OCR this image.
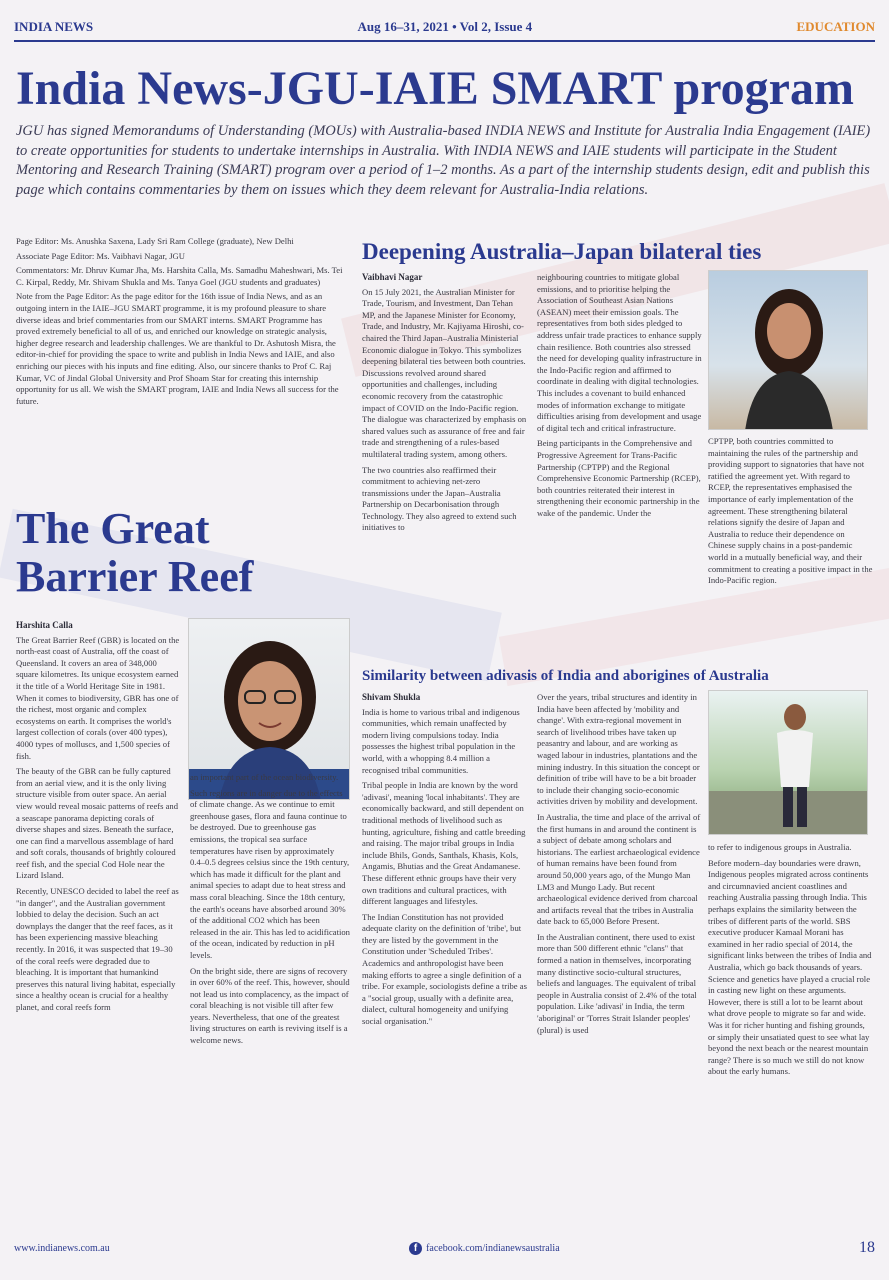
INDIA NEWS	Aug 16–31, 2021 • Vol 2, Issue 4	EDUCATION
India News-JGU-IAIE SMART program

JGU has signed Memorandums of Understanding (MOUs) with Australia-based INDIA NEWS and Institute for Australia India Engagement (IAIE) to create opportunities for students to undertake internships in Australia. With INDIA NEWS and IAIE students will participate in the Student Mentoring and Research Training (SMART) program over a period of 1–2 months. As a part of the internship students design, edit and publish this page which contains commentaries by them on issues which they deem relevant for Australia-India relations.

Page Editor: Ms. Anushka Saxena, Lady Sri Ram College (graduate), New Delhi

Associate Page Editor: Ms. Vaibhavi Nagar, JGU

Commentators: Mr. Dhruv Kumar Jha, Ms. Harshita Calla, Ms. Samadhu Maheshwari, Ms. Tei C. Kirpal, Reddy, Mr. Shivam Shukla and Ms. Tanya Goel (JGU students and graduates)

Note from the Page Editor: As the page editor for the 16th issue of India News, and as an outgoing intern in the IAIE–JGU SMART programme, it is my profound pleasure to share diverse ideas and brief commentaries from our SMART interns. SMART Programme has proved extremely beneficial to all of us, and enriched our knowledge on strategic analysis, higher degree research and leadership challenges. We are thankful to Dr. Ashutosh Misra, the editor-in-chief for providing the space to write and publish in India News and IAIE, and also enriching our pieces with his inputs and fine editing. Also, our sincere thanks to Prof C. Raj Kumar, VC of Jindal Global University and Prof Shoam Star for creating this internship opportunity for us all. We wish the SMART program, IAIE and India News all success for the future.

The Great Barrier Reef
Harshita Calla

The Great Barrier Reef (GBR) is located on the north-east coast of Australia, off the coast of Queensland. It covers an area of 348,000 square kilometres. Its unique ecosystem earned it the title of a World Heritage Site in 1981. When it comes to biodiversity, GBR has one of the richest, most organic and complex ecosystems on earth. It comprises the world's largest collection of corals (over 400 types), 4000 types of molluscs, and 1,500 species of fish.

The beauty of the GBR can be fully captured from an aerial view, and it is the only living structure visible from outer space. An aerial view would reveal mosaic patterns of reefs and a seascape panorama depicting corals of diverse shapes and sizes. Beneath the surface, one can find a marvellous assemblage of hard and soft corals, thousands of brightly coloured reef fish, and the special Cod Hole near the Lizard Island.

Recently, UNESCO decided to label the reef as "in danger", and the Australian government lobbied to delay the decision. Such an act downplays the danger that the reef faces, as it has been experiencing massive bleaching recently. In 2016, it was suspected that 19–30 of the coral reefs were degraded due to bleaching. It is important that humankind preserves this natural living habitat, especially since a healthy ocean is crucial for a healthy planet, and coral reefs form

an important part of the ocean biodiversity.

Such regions are in danger due to the effects of climate change. As we continue to emit greenhouse gases, flora and fauna continue to be destroyed. Due to greenhouse gas emissions, the tropical sea surface temperatures have risen by approximately 0.4–0.5 degrees celsius since the 19th century, which has made it difficult for the plant and animal species to adapt due to heat stress and mass coral bleaching. Since the 18th century, the earth's oceans have absorbed around 30% of the additional CO2 which has been released in the air. This has led to acidification of the ocean, indicated by reduction in pH levels.

On the bright side, there are signs of recovery in over 60% of the reef. This, however, should not lead us into complacency, as the impact of coral bleaching is not visible till after few years. Nevertheless, that one of the greatest living structures on earth is reviving itself is a welcome news.

Deepening Australia–Japan bilateral ties
Vaibhavi Nagar

On 15 July 2021, the Australian Minister for Trade, Tourism, and Investment, Dan Tehan MP, and the Japanese Minister for Economy, Trade, and Industry, Mr. Kajiyama Hiroshi, co-chaired the Third Japan–Australia Ministerial Economic dialogue in Tokyo. This symbolizes deepening bilateral ties between both countries. Discussions revolved around shared opportunities and challenges, including economic recovery from the catastrophic impact of COVID on the Indo-Pacific region. The dialogue was characterized by emphasis on shared values such as assurance of free and fair trade and strengthening of a rules-based multilateral trading system, among others.

The two countries also reaffirmed their commitment to achieving net-zero transmissions under the Japan–Australia Partnership on Decarbonisation through Technology. They also agreed to extend such initiatives to

neighbouring countries to mitigate global emissions, and to prioritise helping the Association of Southeast Asian Nations (ASEAN) meet their emission goals. The representatives from both sides pledged to address unfair trade practices to enhance supply chain resilience. Both countries also stressed the need for developing quality infrastructure in the Indo-Pacific region and affirmed to coordinate in dealing with digital technologies. This includes a covenant to build enhanced modes of information exchange to mitigate difficulties arising from development and usage of digital tech and critical infrastructure.

Being participants in the Comprehensive and Progressive Agreement for Trans-Pacific Partnership (CPTPP) and the Regional Comprehensive Economic Partnership (RCEP), both countries reiterated their interest in strengthening their economic partnership in the wake of the pandemic. Under the

CPTPP, both countries committed to maintaining the rules of the partnership and providing support to signatories that have not ratified the agreement yet. With regard to RCEP, the representatives emphasised the importance of early implementation of the agreement. These strengthening bilateral relations signify the desire of Japan and Australia to reduce their dependence on Chinese supply chains in a post-pandemic world in a mutually beneficial way, and their commitment to creating a positive impact in the Indo-Pacific region.

Similarity between adivasis of India and aborigines of Australia
Shivam Shukla

India is home to various tribal and indigenous communities, which remain unaffected by modern living compulsions today. India possesses the highest tribal population in the world, with a whopping 8.4 million a recognised tribal communities.

Tribal people in India are known by the word 'adivasi', meaning 'local inhabitants'. They are economically backward, and still dependent on traditional methods of livelihood such as hunting, agriculture, fishing and cattle breeding and raising. The major tribal groups in India include Bhils, Gonds, Santhals, Khasis, Kols, Angamis, Bhutias and the Great Andamanese. These different ethnic groups have their very own traditions and cultural practices, with different languages and lifestyles.

The Indian Constitution has not provided adequate clarity on the definition of 'tribe', but they are listed by the government in the Constitution under 'Scheduled Tribes'. Academics and anthropologist have been making efforts to agree a single definition of a tribe. For example, sociologists define a tribe as a "social group, usually with a definite area, dialect, cultural homogeneity and unifying social organisation."

Over the years, tribal structures and identity in India have been affected by 'mobility and change'. With extra-regional movement in search of livelihood tribes have taken up peasantry and labour, and are working as waged labour in industries, plantations and the mining industry. In this situation the concept or definition of tribe will have to be a bit broader to include their changing socio-economic activities driven by mobility and development.

In Australia, the time and place of the arrival of the first humans in and around the continent is a subject of debate among scholars and historians. The earliest archaeological evidence of human remains have been found from around 50,000 years ago, of the Mungo Man LM3 and Mungo Lady. But recent archaeological evidence derived from charcoal and artifacts reveal that the tribes in Australia date back to 65,000 Before Present.

In the Australian continent, there used to exist more than 500 different ethnic "clans" that formed a nation in themselves, incorporating many distinctive socio-cultural structures, beliefs and languages. The equivalent of tribal people in Australia consist of 2.4% of the total population. Like 'adivasi' in India, the term 'aboriginal' or 'Torres Strait Islander peoples' (plural) is used

to refer to indigenous groups in Australia.

Before modern–day boundaries were drawn, Indigenous peoples migrated across continents and circumnavied ancient coastlines and reaching Australia passing through India. This perhaps explains the similarity between the tribes of different parts of the world. SBS executive producer Kamaal Morani has examined in her radio special of 2014, the significant links between the tribes of India and Australia, which go back thousands of years. Science and genetics have played a crucial role in casting new light on these arguments. However, there is still a lot to be learnt about what drove people to migrate so far and wide. Was it for richer hunting and fishing grounds, or simply their unsatiated quest to see what lay beyond the next beach or the nearest mountain range? There is so much we still do not know about the early humans.

www.indianews.com.au	f facebook.com/indianewsaustralia	18
